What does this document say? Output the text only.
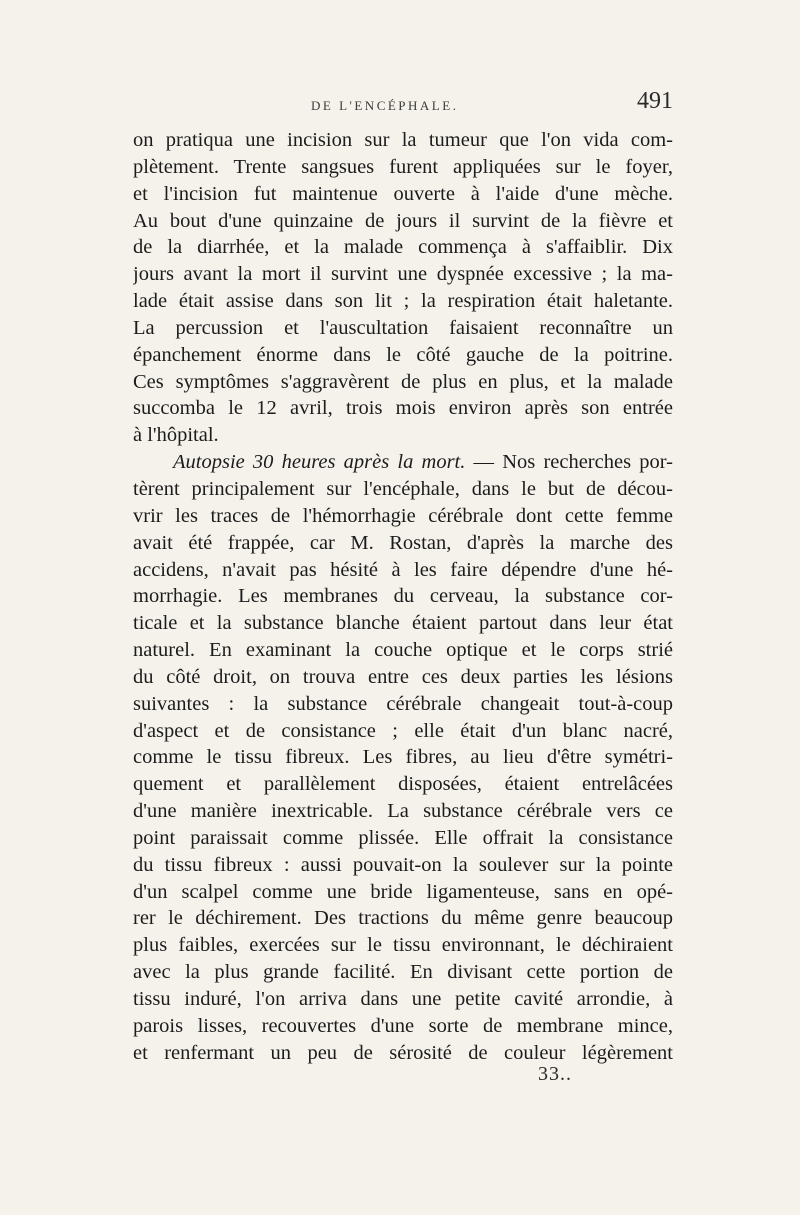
DE L'ENCÉPHALE.	491
on pratiqua une incision sur la tumeur que l'on vida com-
plètement. Trente sangsues furent appliquées sur le foyer,
et l'incision fut maintenue ouverte à l'aide d'une mèche.
Au bout d'une quinzaine de jours il survint de la fièvre et
de la diarrhée, et la malade commença à s'affaiblir. Dix
jours avant la mort il survint une dyspnée excessive ; la ma-
lade était assise dans son lit ; la respiration était haletante.
La percussion et l'auscultation faisaient reconnaître un
épanchement énorme dans le côté gauche de la poitrine.
Ces symptômes s'aggravèrent de plus en plus, et la malade
succomba le 12 avril, trois mois environ après son entrée
à l'hôpital.
Autopsie 30 heures après la mort. — Nos recherches por-
tèrent principalement sur l'encéphale, dans le but de décou-
vrir les traces de l'hémorrhagie cérébrale dont cette femme
avait été frappée, car M. Rostan, d'après la marche des
accidens, n'avait pas hésité à les faire dépendre d'une hé-
morrhagie. Les membranes du cerveau, la substance cor-
ticale et la substance blanche étaient partout dans leur état
naturel. En examinant la couche optique et le corps strié
du côté droit, on trouva entre ces deux parties les lésions
suivantes : la substance cérébrale changeait tout-à-coup
d'aspect et de consistance ; elle était d'un blanc nacré,
comme le tissu fibreux. Les fibres, au lieu d'être symétri-
quement et parallèlement disposées, étaient entrelâcées
d'une manière inextricable. La substance cérébrale vers ce
point paraissait comme plissée. Elle offrait la consistance
du tissu fibreux : aussi pouvait-on la soulever sur la pointe
d'un scalpel comme une bride ligamenteuse, sans en opé-
rer le déchirement. Des tractions du même genre beaucoup
plus faibles, exercées sur le tissu environnant, le déchiraient
avec la plus grande facilité. En divisant cette portion de
tissu induré, l'on arriva dans une petite cavité arrondie, à
parois lisses, recouvertes d'une sorte de membrane mince,
et renfermant un peu de sérosité de couleur légèrement
33..
